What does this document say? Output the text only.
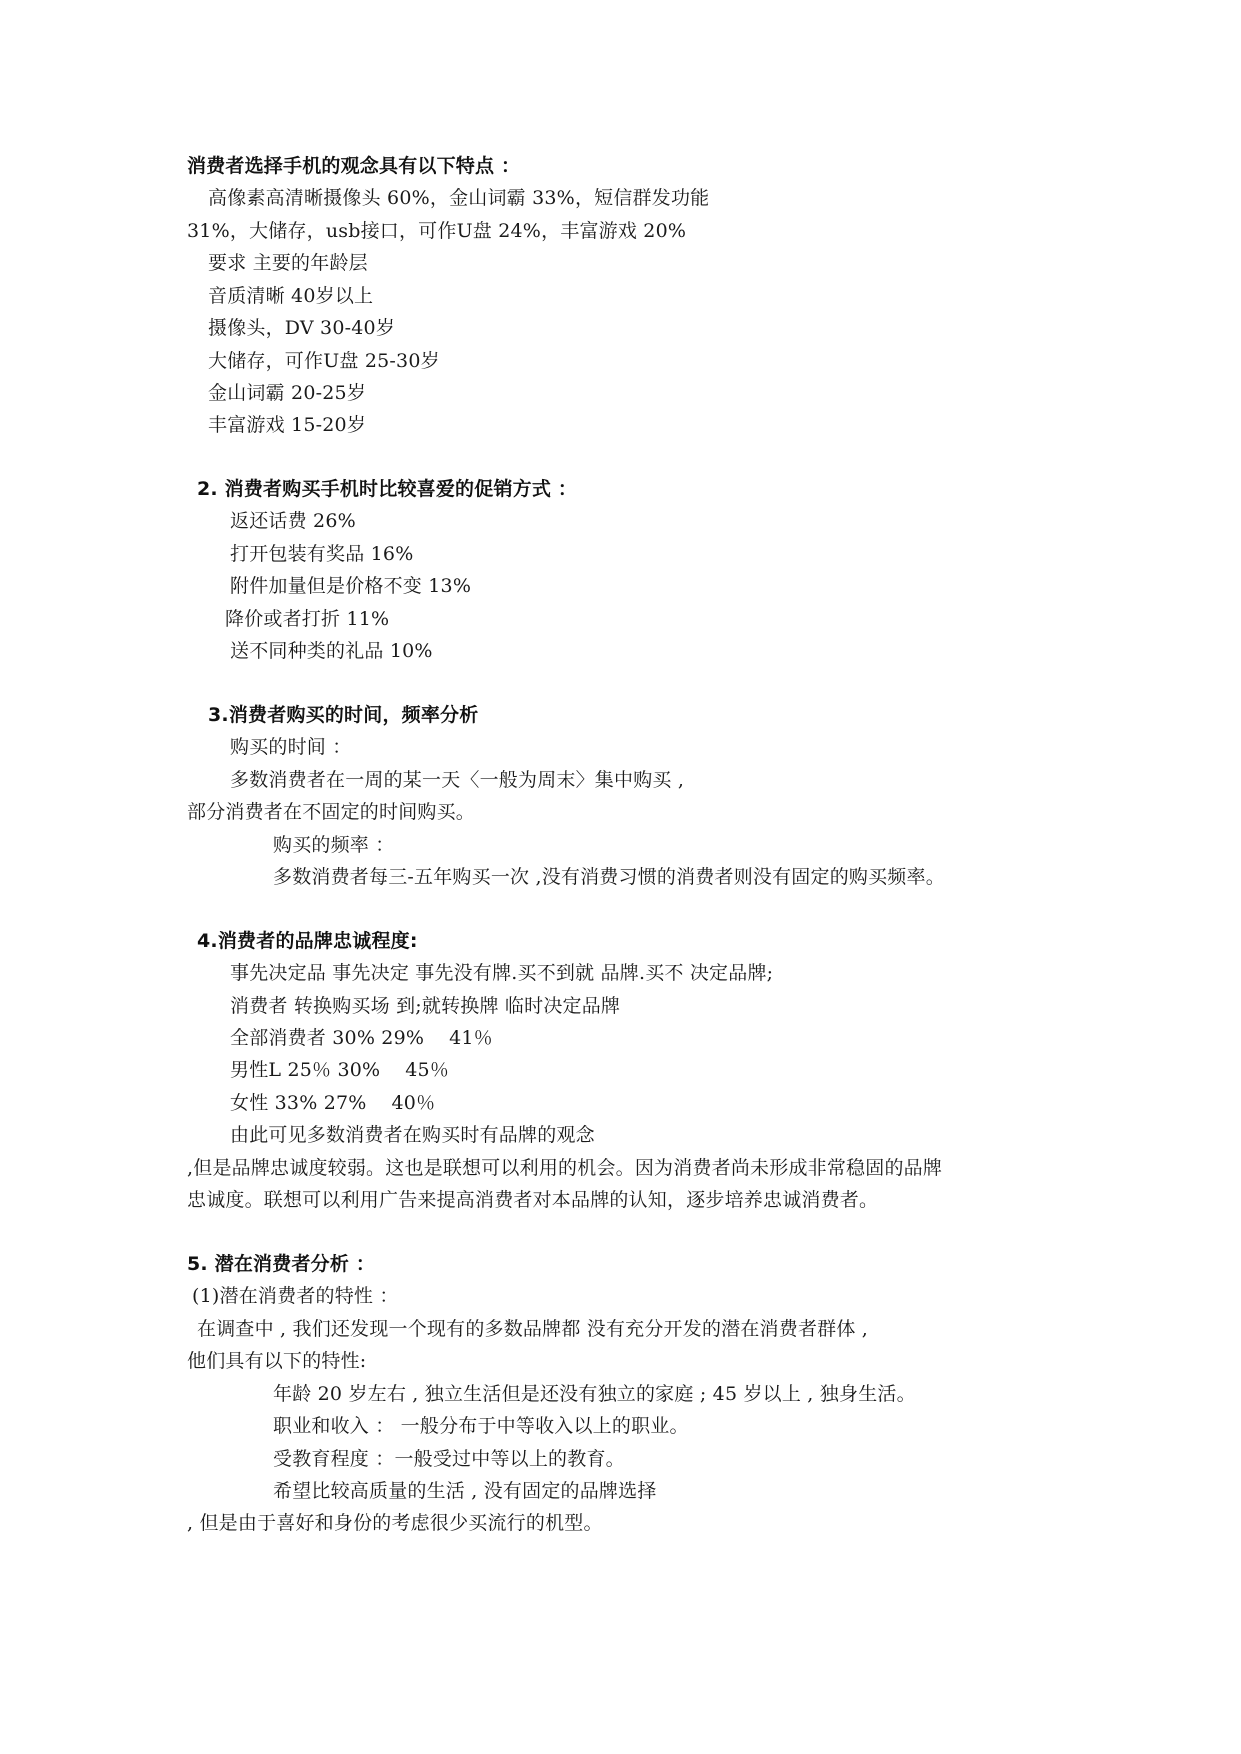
消费者选择手机的观念具有以下特点 ：
高像素高清晰摄像头 60%，金山词霸 33%，短信群发功能
31%，大储存，usb接口，可作U盘 24%，丰富游戏 20%
要求 主要的年龄层
音质清晰 40岁以上
摄像头，DV 30-40岁
大储存，可作U盘 25-30岁
金山词霸 20-25岁
丰富游戏 15-20岁
2. 消费者购买手机时比较喜爱的促销方式 ：
返还话费 26%
打开包装有奖品 16%
附件加量但是价格不变 13%
降价或者打折 11%
送不同种类的礼品 10%
3.消费者购买的时间，频率分析
购买的时间 ：
多数消费者在一周的某一天〈一般为周末〉集中购买 ,
部分消费者在不固定的时间购买。
购买的频率 ：
多数消费者每三-五年购买一次 ,没有消费习惯的消费者则没有固定的购买频率。
4.消费者的品牌忠诚程度:
事先决定品 事先决定 事先没有牌.买不到就 品牌.买不 决定品牌;
消费者 转换购买场 到;就转换牌 临时决定品牌
全部消费者 30% 29%    41％
男性L 25％ 30%    45％
女性 33% 27%    40％
由此可见多数消费者在购买时有品牌的观念
,但是品牌忠诚度较弱。这也是联想可以利用的机会。因为消费者尚未形成非常稳固的品牌
忠诚度。联想可以利用广告来提高消费者对本品牌的认知，逐步培养忠诚消费者。
5. 潜在消费者分析 ：
(1)潜在消费者的特性 ：
在调查中 , 我们还发现一个现有的多数品牌都 没有充分开发的潜在消费者群体 ,
他们具有以下的特性:
年龄 20 岁左右 , 独立生活但是还没有独立的家庭 ; 45 岁以上 , 独身生活。
职业和收入 ： 一般分布于中等收入以上的职业。
受教育程度 ：一般受过中等以上的教育。
希望比较高质量的生活 , 没有固定的品牌选择
, 但是由于喜好和身份的考虑很少买流行的机型。
